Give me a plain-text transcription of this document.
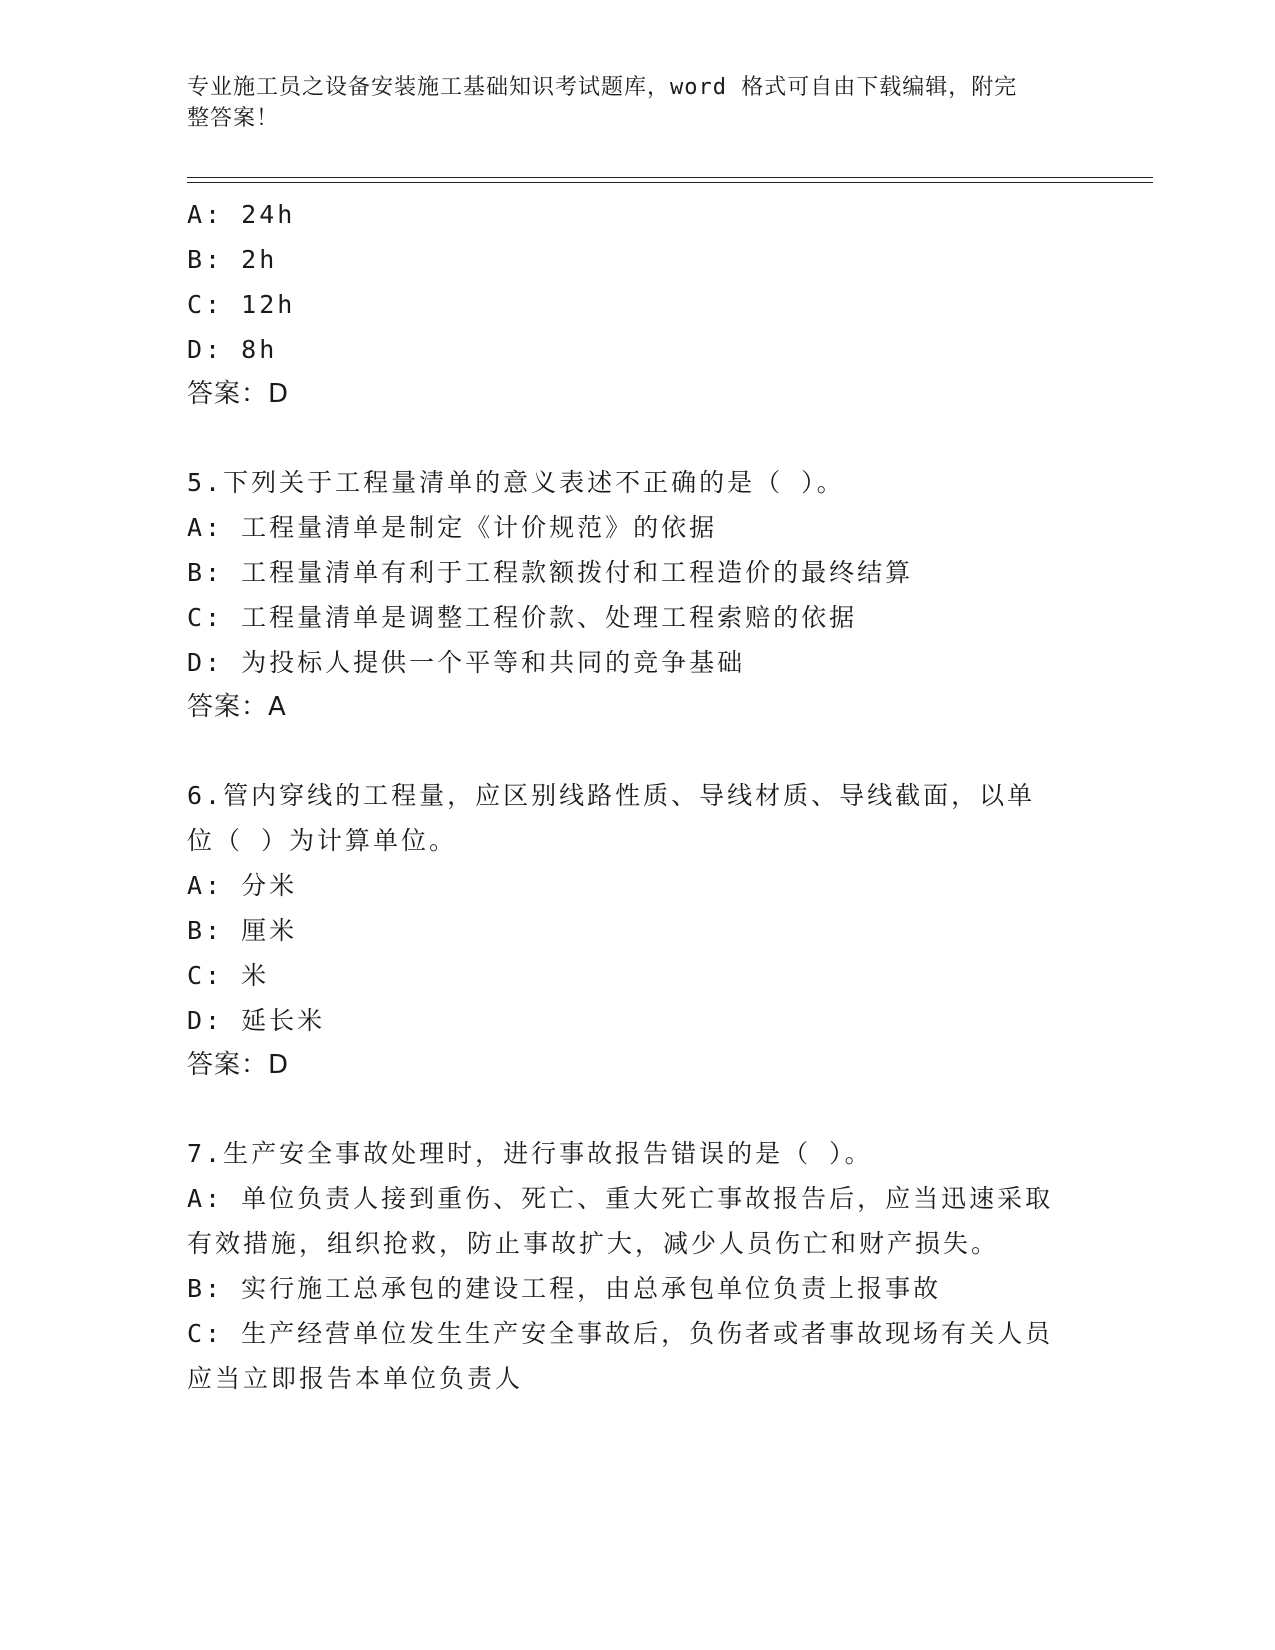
专业施工员之设备安装施工基础知识考试题库，word 格式可自由下载编辑，附完
整答案！
A: 24h
B: 2h
C: 12h
D: 8h
答案：D
5.下列关于工程量清单的意义表述不正确的是（ ）。
A: 工程量清单是制定《计价规范》的依据
B: 工程量清单有利于工程款额拨付和工程造价的最终结算
C: 工程量清单是调整工程价款、处理工程索赔的依据
D: 为投标人提供一个平等和共同的竞争基础
答案：A
6.管内穿线的工程量，应区别线路性质、导线材质、导线截面，以单
位（ ）为计算单位。
A: 分米
B: 厘米
C: 米
D: 延长米
答案：D
7.生产安全事故处理时，进行事故报告错误的是（ ）。
A: 单位负责人接到重伤、死亡、重大死亡事故报告后，应当迅速采取
有效措施，组织抢救，防止事故扩大，减少人员伤亡和财产损失。
B: 实行施工总承包的建设工程，由总承包单位负责上报事故
C: 生产经营单位发生生产安全事故后，负伤者或者事故现场有关人员
应当立即报告本单位负责人
